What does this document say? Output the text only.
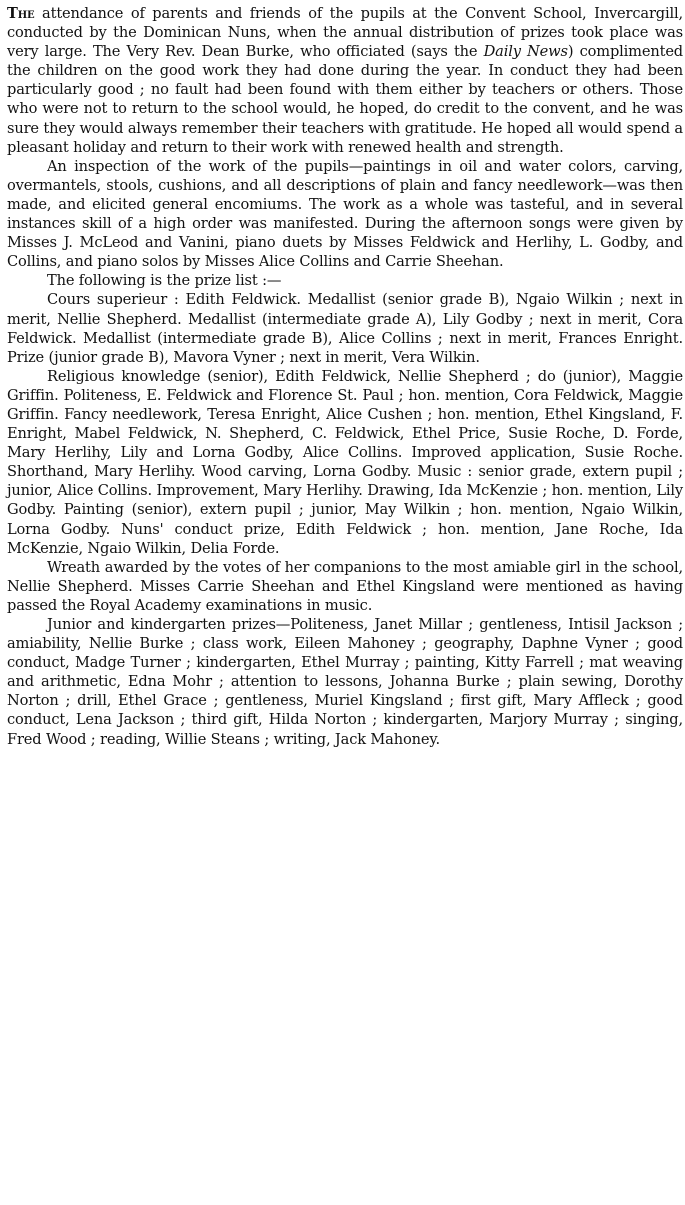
The attendance of parents and friends of the pupils at the Convent School, Invercargill, conducted by the Dominican Nuns, when the annual distribution of prizes took place was very large. The Very Rev. Dean Burke, who officiated (says the Daily News) complimented the children on the good work they had done during the year. In conduct they had been particularly good ; no fault had been found with them either by teachers or others. Those who were not to return to the school would, he hoped, do credit to the convent, and he was sure they would always remember their teachers with gratitude. He hoped all would spend a pleasant holiday and return to their work with renewed health and strength.

An inspection of the work of the pupils—paintings in oil and water colors, carving, overmantels, stools, cushions, and all descriptions of plain and fancy needlework—was then made, and elicited general encomiums. The work as a whole was tasteful, and in several instances skill of a high order was manifested. During the afternoon songs were given by Misses J. McLeod and Vanini, piano duets by Misses Feldwick and Herlihy, L. Godby, and Collins, and piano solos by Misses Alice Collins and Carrie Sheehan.

The following is the prize list :—

Cours superieur : Edith Feldwick. Medallist (senior grade B), Ngaio Wilkin ; next in merit, Nellie Shepherd. Medallist (intermediate grade A), Lily Godby ; next in merit, Cora Feldwick. Medallist (intermediate grade B), Alice Collins ; next in merit, Frances Enright. Prize (junior grade B), Mavora Vyner ; next in merit, Vera Wilkin.

Religious knowledge (senior), Edith Feldwick, Nellie Shepherd ; do (junior), Maggie Griffin. Politeness, E. Feldwick and Florence St. Paul ; hon. mention, Cora Feldwick, Maggie Griffin. Fancy needlework, Teresa Enright, Alice Cushen ; hon. mention, Ethel Kingsland, F. Enright, Mabel Feldwick, N. Shepherd, C. Feldwick, Ethel Price, Susie Roche, D. Forde, Mary Herlihy, Lily and Lorna Godby, Alice Collins. Improved application, Susie Roche. Shorthand, Mary Herlihy. Wood carving, Lorna Godby. Music : senior grade, extern pupil ; junior, Alice Collins. Improvement, Mary Herlihy. Drawing, Ida McKenzie ; hon. mention, Lily Godby. Painting (senior), extern pupil ; junior, May Wilkin ; hon. mention, Ngaio Wilkin, Lorna Godby. Nuns' conduct prize, Edith Feldwick ; hon. mention, Jane Roche, Ida McKenzie, Ngaio Wilkin, Delia Forde.

Wreath awarded by the votes of her companions to the most amiable girl in the school, Nellie Shepherd. Misses Carrie Sheehan and Ethel Kingsland were mentioned as having passed the Royal Academy examinations in music.

Junior and kindergarten prizes—Politeness, Janet Millar ; gentleness, Intisil Jackson ; amiability, Nellie Burke ; class work, Eileen Mahoney ; geography, Daphne Vyner ; good conduct, Madge Turner ; kindergarten, Ethel Murray ; painting, Kitty Farrell ; mat weaving and arithmetic, Edna Mohr ; attention to lessons, Johanna Burke ; plain sewing, Dorothy Norton ; drill, Ethel Grace ; gentleness, Muriel Kingsland ; first gift, Mary Affleck ; good conduct, Lena Jackson ; third gift, Hilda Norton ; kindergarten, Marjory Murray ; singing, Fred Wood ; reading, Willie Steans ; writing, Jack Mahoney.
